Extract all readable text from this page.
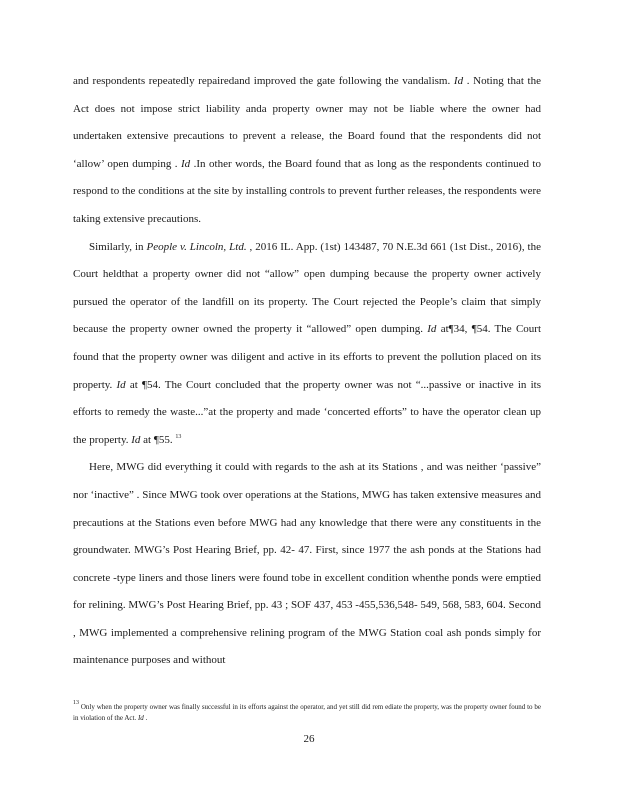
and respondents repeatedly repairedand improved the gate following the vandalism. Id . Noting that the Act does not impose strict liability anda property owner may not be liable where the owner had undertaken extensive precautions to prevent a release, the Board found that the respondents did not ‘allow’ open dumping . Id .In other words, the Board found that as long as the respondents continued to respond to the conditions at the site by installing controls to prevent further releases, the respondents were taking extensive precautions.

Similarly, in People v. Lincoln, Ltd. , 2016 IL. App. (1st) 143487, 70 N.E.3d 661 (1st Dist., 2016), the Court heldthat a property owner did not “allow” open dumping because the property owner actively pursued the operator of the landfill on its property. The Court rejected the People’s claim that simply because the property owner owned the property it “allowed” open dumping. Id at¶34, ¶54. The Court found that the property owner was diligent and active in its efforts to prevent the pollution placed on its property. Id at ¶54. The Court concluded that the property owner was not “...passive or inactive in its efforts to remedy the waste...”at the property and made ‘concerted efforts” to have the operator clean up the property. Id at ¶55. $^{13}$

Here, MWG did everything it could with regards to the ash at its Stations , and was neither ‘passive” nor ‘inactive” . Since MWG took over operations at the Stations, MWG has taken extensive measures and precautions at the Stations even before MWG had any knowledge that there were any constituents in the groundwater. MWG’s Post Hearing Brief, pp. 42- 47. First, since 1977 the ash ponds at the Stations had concrete -type liners and those liners were found tobe in excellent condition whenthe ponds were emptied for relining. MWG’s Post Hearing Brief, pp. 43 ; SOF 437, 453 -455,536,548- 549, 568, 583, 604. Second , MWG implemented a comprehensive relining program of the MWG Station coal ash ponds simply for maintenance purposes and without

$^{13}$ Only when the property owner was finally successful in its efforts against the operator, and yet still did rem ediate the property, was the property owner found to be in violation of the Act. Id .

26
